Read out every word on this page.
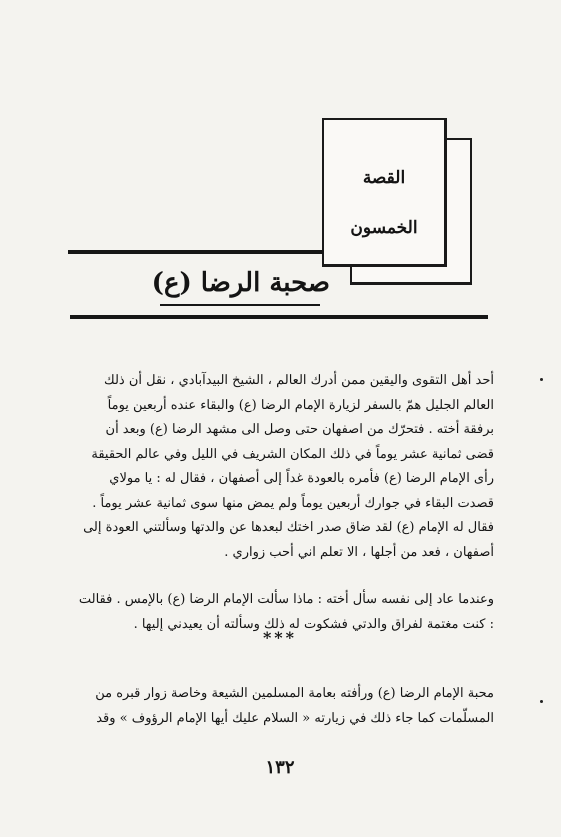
القصة
الخمسون
صحبة الرضا (ع)

أحد أهل التقوى واليقين ممن أدرك العالم ، الشيخ البيدآبادي ، نقل أن ذلك العالم الجليل همّ بالسفر لزيارة الإمام الرضا (ع) والبقاء عنده أربعين يوماً برفقة أخته . فتحرّك من اصفهان حتى وصل الى مشهد الرضا (ع) وبعد أن قضى ثمانية عشر يوماً في ذلك المكان الشريف في الليل وفي عالم الحقيقة رأى الإمام الرضا (ع) فأمره بالعودة غداً إلى أصفهان ، فقال له : يا مولاي قصدت البقاء في جوارك أربعين يوماً ولم يمض منها سوى ثمانية عشر يوماً . فقال له الإمام (ع) لقد ضاق صدر اختك لبعدها عن والدتها وسألتني العودة إلى أصفهان ، فعد من أجلها ، الا تعلم اني أحب زواري .

وعندما عاد إلى نفسه سأل أخته : ماذا سألت الإمام الرضا (ع) بالإمس . فقالت : كنت مغتمة لفراق والدتي فشكوت له ذلك وسألته أن يعيدني إليها .

***

محبة الإمام الرضا (ع) ورأفته بعامة المسلمين الشيعة وخاصة زوار قبره من المسلّمات كما جاء ذلك في زيارته « السلام عليك أيها الإمام الرؤوف » وقد

١٣٢
